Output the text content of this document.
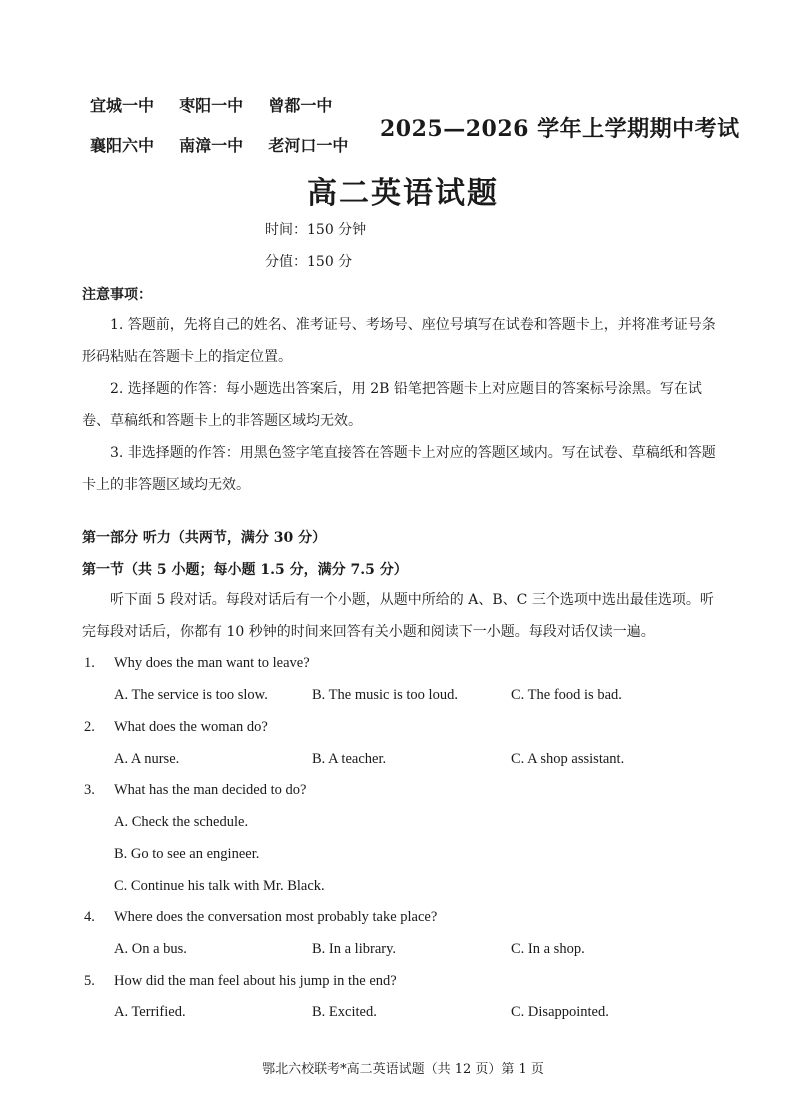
宜城一中 枣阳一中 曾都一中
襄阳六中 南漳一中 老河口一中
2025—2026 学年上学期期中考试
高二英语试题
时间：150 分钟
分值：150 分
注意事项：

1. 答题前，先将自己的姓名、准考证号、考场号、座位号填写在试卷和答题卡上，并将准考证号条形码粘贴在答题卡上的指定位置。

2. 选择题的作答：每小题选出答案后，用 2B 铅笔把答题卡上对应题目的答案标号涂黑。写在试卷、草稿纸和答题卡上的非答题区域均无效。

3. 非选择题的作答：用黑色签字笔直接答在答题卡上对应的答题区域内。写在试卷、草稿纸和答题卡上的非答题区域均无效。

第一部分 听力（共两节，满分 30 分）
第一节（共 5 小题；每小题 1.5 分，满分 7.5 分）

听下面 5 段对话。每段对话后有一个小题，从题中所给的 A、B、C 三个选项中选出最佳选项。听完每段对话后，你都有 10 秒钟的时间来回答有关小题和阅读下一小题。每段对话仅读一遍。

1. Why does the man want to leave?
A. The service is too slow.	B. The music is too loud.	C. The food is bad.
2. What does the woman do?
A. A nurse.	B. A teacher.	C. A shop assistant.
3. What has the man decided to do?
A. Check the schedule.
B. Go to see an engineer.
C. Continue his talk with Mr. Black.
4. Where does the conversation most probably take place?
A. On a bus.	B. In a library.	C. In a shop.
5. How did the man feel about his jump in the end?
A. Terrified.	B. Excited.	C. Disappointed.
鄂北六校联考*高二英语试题（共 12 页）第 1 页
